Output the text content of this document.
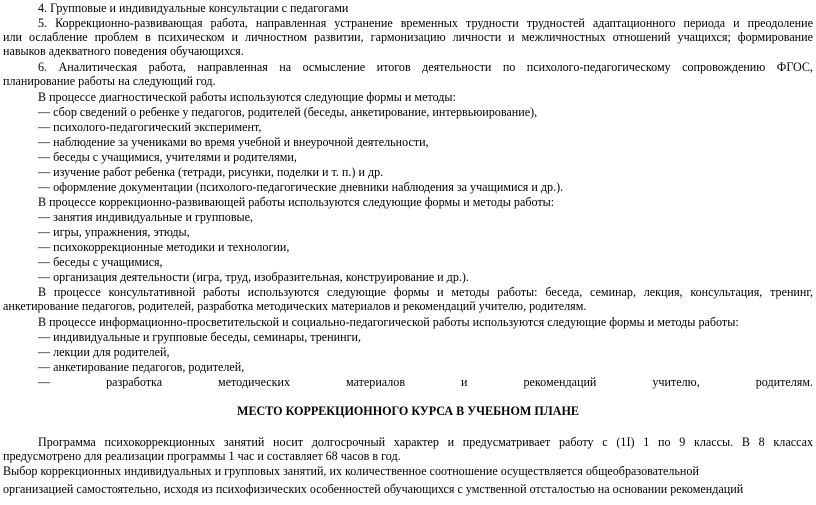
4. Групповые и индивидуальные консультации с педагогами
5. Коррекционно-развивающая работа, направленная устранение временных трудности трудностей адаптационного периода и преодоление
или ослабление проблем в психическом и личностном развитии, гармонизацию личности и межличностных отношений учащихся; формирование
навыков адекватного поведения обучающихся.
6. Аналитическая работа, направленная на осмысление итогов деятельности по психолого-педагогическому сопровождению ФГОС,
планирование работы на следующий год.
В процессе диагностической работы используются следующие формы и методы:
— сбор сведений о ребенке у педагогов, родителей (беседы, анкетирование, интервьюирование),
— психолого-педагогический эксперимент,
— наблюдение за учениками во время учебной и внеурочной деятельности,
— беседы с учащимися, учителями и родителями,
— изучение работ ребенка (тетради, рисунки, поделки и т. п.) и др.
— оформление документации (психолого-педагогические дневники наблюдения за учащимися и др.).
В процессе коррекционно-развивающей работы используются следующие формы и методы работы:
— занятия индивидуальные и групповые,
— игры, упражнения, этюды,
— психокоррекционные методики и технологии,
— беседы с учащимися,
— организация деятельности (игра, труд, изобразительная, конструирование и др.).
В процессе консультативной работы используются следующие формы и методы работы: беседа, семинар, лекция, консультация, тренинг,
анкетирование педагогов, родителей, разработка методических материалов и рекомендаций учителю, родителям.
В процессе информационно-просветительской и социально-педагогической работы используются следующие формы и методы работы:
— индивидуальные и групповые беседы, семинары, тренинги,
— лекции для родителей,
— анкетирование педагогов, родителей,
— разработка методических материалов и рекомендаций учителю, родителям.
МЕСТО КОРРЕКЦИОННОГО КУРСА В УЧЕБНОМ ПЛАНЕ
Программа психокоррекционных занятий носит долгосрочный характер и предусматривает работу с (1I) 1 по 9 классы. В 8 классах
предусмотрено для реализации программы 1 час и составляет 68 часов в год.
Выбор коррекционных индивидуальных и групповых занятий, их количественное соотношение осуществляется общеобразовательной
организацией самостоятельно, исходя из психофизических особенностей обучающихся с умственной отсталостью на основании рекомендаций
